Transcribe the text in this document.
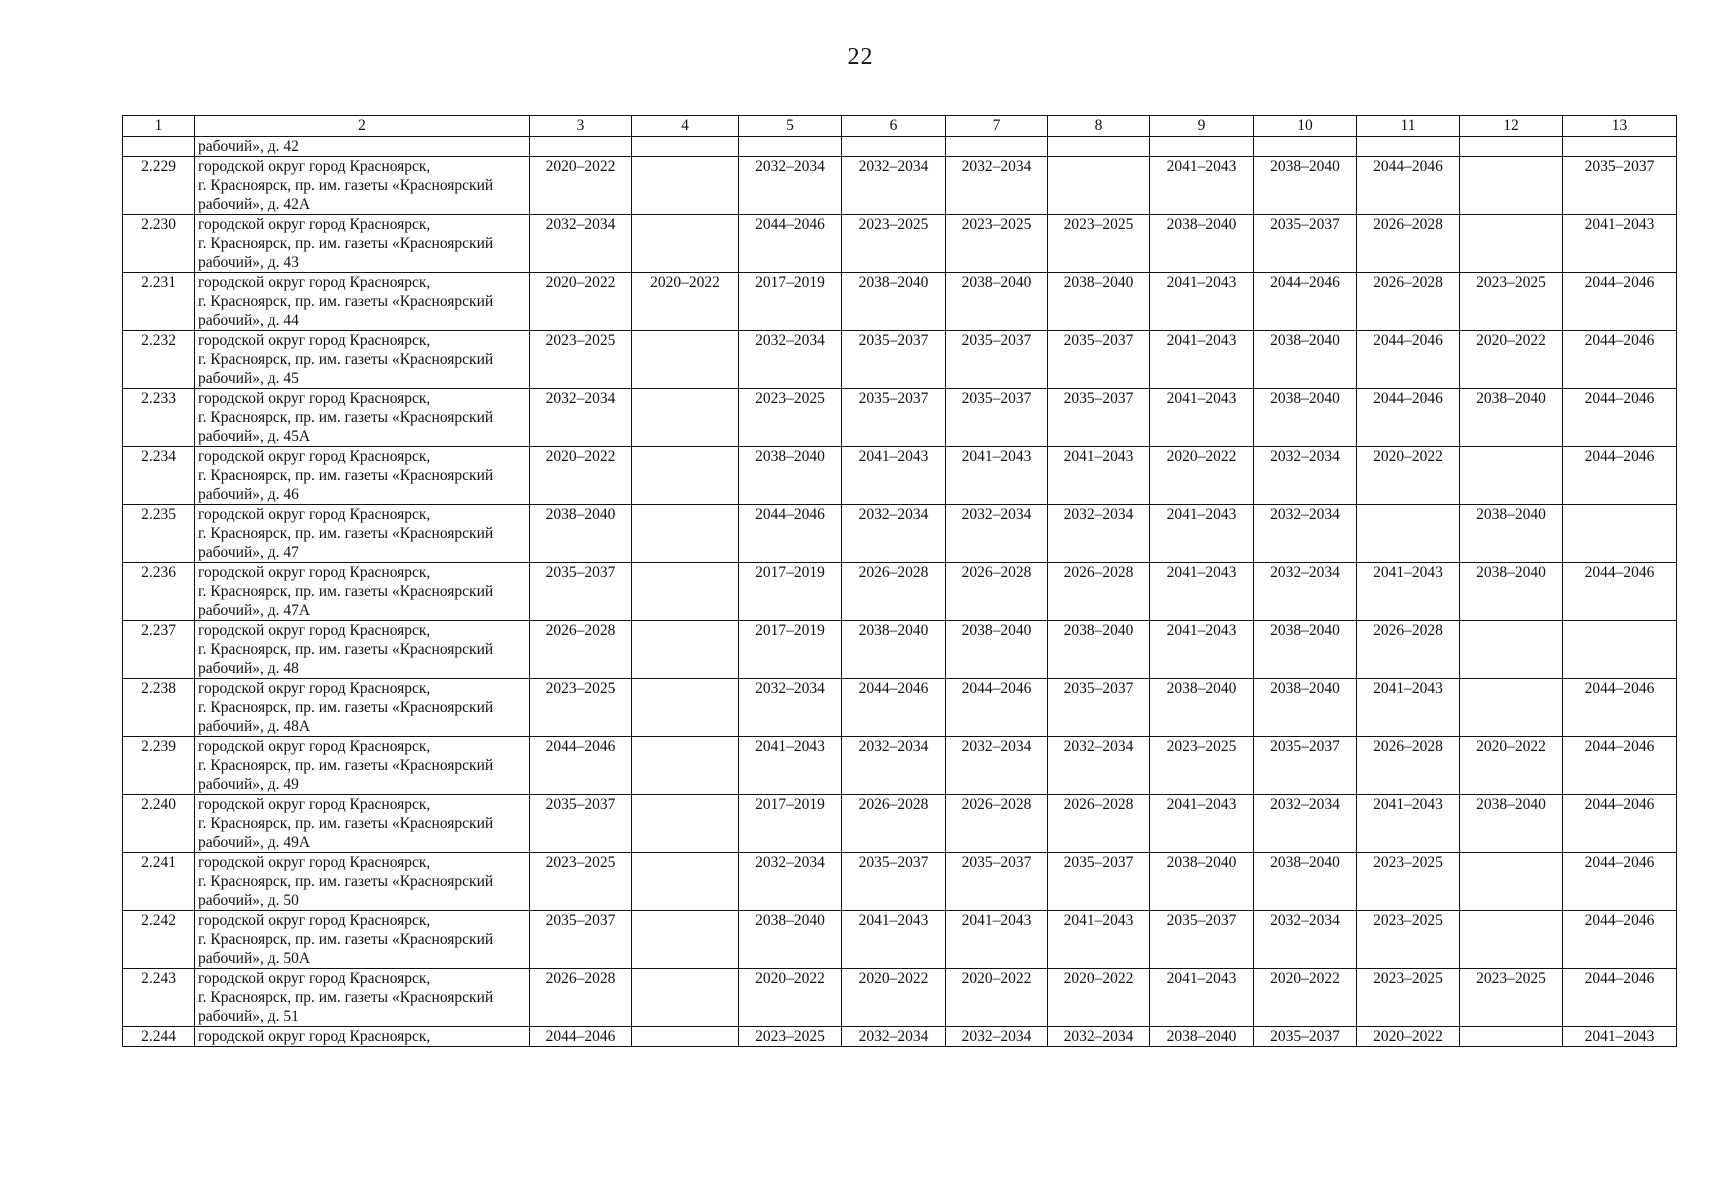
22
1	2	3	4	5	6	7	8	9	10	11	12	13
	рабочий», д. 42											
2.229	городской округ город Красноярск,
г. Красноярск, пр. им. газеты «Красноярский
рабочий», д. 42А	2020–2022		2032–2034	2032–2034	2032–2034		2041–2043	2038–2040	2044–2046		2035–2037
2.230	городской округ город Красноярск,
г. Красноярск, пр. им. газеты «Красноярский
рабочий», д. 43	2032–2034		2044–2046	2023–2025	2023–2025	2023–2025	2038–2040	2035–2037	2026–2028		2041–2043
2.231	городской округ город Красноярск,
г. Красноярск, пр. им. газеты «Красноярский
рабочий», д. 44	2020–2022	2020–2022	2017–2019	2038–2040	2038–2040	2038–2040	2041–2043	2044–2046	2026–2028	2023–2025	2044–2046
2.232	городской округ город Красноярск,
г. Красноярск, пр. им. газеты «Красноярский
рабочий», д. 45	2023–2025		2032–2034	2035–2037	2035–2037	2035–2037	2041–2043	2038–2040	2044–2046	2020–2022	2044–2046
2.233	городской округ город Красноярск,
г. Красноярск, пр. им. газеты «Красноярский
рабочий», д. 45А	2032–2034		2023–2025	2035–2037	2035–2037	2035–2037	2041–2043	2038–2040	2044–2046	2038–2040	2044–2046
2.234	городской округ город Красноярск,
г. Красноярск, пр. им. газеты «Красноярский
рабочий», д. 46	2020–2022		2038–2040	2041–2043	2041–2043	2041–2043	2020–2022	2032–2034	2020–2022		2044–2046
2.235	городской округ город Красноярск,
г. Красноярск, пр. им. газеты «Красноярский
рабочий», д. 47	2038–2040		2044–2046	2032–2034	2032–2034	2032–2034	2041–2043	2032–2034		2038–2040	
2.236	городской округ город Красноярск,
г. Красноярск, пр. им. газеты «Красноярский
рабочий», д. 47А	2035–2037		2017–2019	2026–2028	2026–2028	2026–2028	2041–2043	2032–2034	2041–2043	2038–2040	2044–2046
2.237	городской округ город Красноярск,
г. Красноярск, пр. им. газеты «Красноярский
рабочий», д. 48	2026–2028		2017–2019	2038–2040	2038–2040	2038–2040	2041–2043	2038–2040	2026–2028		
2.238	городской округ город Красноярск,
г. Красноярск, пр. им. газеты «Красноярский
рабочий», д. 48А	2023–2025		2032–2034	2044–2046	2044–2046	2035–2037	2038–2040	2038–2040	2041–2043		2044–2046
2.239	городской округ город Красноярск,
г. Красноярск, пр. им. газеты «Красноярский
рабочий», д. 49	2044–2046		2041–2043	2032–2034	2032–2034	2032–2034	2023–2025	2035–2037	2026–2028	2020–2022	2044–2046
2.240	городской округ город Красноярск,
г. Красноярск, пр. им. газеты «Красноярский
рабочий», д. 49А	2035–2037		2017–2019	2026–2028	2026–2028	2026–2028	2041–2043	2032–2034	2041–2043	2038–2040	2044–2046
2.241	городской округ город Красноярск,
г. Красноярск, пр. им. газеты «Красноярский
рабочий», д. 50	2023–2025		2032–2034	2035–2037	2035–2037	2035–2037	2038–2040	2038–2040	2023–2025		2044–2046
2.242	городской округ город Красноярск,
г. Красноярск, пр. им. газеты «Красноярский
рабочий», д. 50А	2035–2037		2038–2040	2041–2043	2041–2043	2041–2043	2035–2037	2032–2034	2023–2025		2044–2046
2.243	городской округ город Красноярск,
г. Красноярск, пр. им. газеты «Красноярский
рабочий», д. 51	2026–2028		2020–2022	2020–2022	2020–2022	2020–2022	2041–2043	2020–2022	2023–2025	2023–2025	2044–2046
2.244	городской округ город Красноярск,	2044–2046		2023–2025	2032–2034	2032–2034	2032–2034	2038–2040	2035–2037	2020–2022		2041–2043
